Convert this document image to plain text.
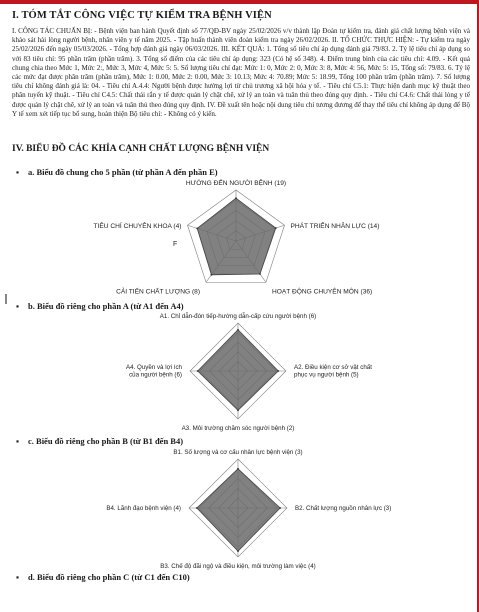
I. TÓM TẮT CÔNG VIỆC TỰ KIỂM TRA BỆNH VIỆN
I. CÔNG TÁC CHUẨN BỊ: - Bệnh viện ban hành Quyết định số 77/QĐ-BV ngày 25/02/2026 v/v thành lập Đoàn tự kiểm tra, đánh giá chất lượng bệnh viện và khảo sát hài lòng người bệnh, nhân viên y tế năm 2025. - Tập huấn thành viên đoàn kiểm tra ngày 26/02/2026. II. TỔ CHỨC THỰC HIỆN: - Tự kiểm tra ngày 25/02/2026 đến ngày 05/03/2026. - Tổng hợp đánh giá ngày 06/03/2026. III. KẾT QUẢ: 1. Tổng số tiêu chí áp dụng đánh giá 79/83. 2. Tỷ lệ tiêu chí áp dụng so với 83 tiêu chí: 95 phần trăm (phần trăm). 3. Tổng số điểm của các tiêu chí áp dụng: 323 (Có hệ số 348). 4. Điểm trung bình của các tiêu chí: 4.09. - Kết quả chung chia theo Mức 1, Mức 2:, Mức 3, Mức 4, Mức 5: 5. Số lượng tiêu chí đạt: Mức 1: 0, Mức 2: 0, Mức 3: 8, Mức 4: 56, Mức 5: 15, Tổng số: 79/83. 6. Tỷ lệ các mức đạt được phân trăm (phần trăm), Mức 1: 0.00, Mức 2: 0.00, Mức 3: 10.13; Mức 4: 70.89; Mức 5: 18.99, Tổng 100 phần trăm (phần trăm). 7. Số lượng tiêu chí không đánh giá là: 04. - Tiêu chí A.4.4: Người bệnh được hưởng lợi từ chủ trương xã hội hóa y tế. - Tiêu chí C5.1: Thực hiện danh mục kỹ thuật theo phân tuyến kỹ thuật. - Tiêu chí C4.5: Chất thải rắn y tế được quản lý chặt chẽ, xử lý an toàn và tuân thủ theo đúng quy định. - Tiêu chí C4.6: Chất thải lỏng y tế được quản lý chặt chẽ, xử lý an toàn và tuân thủ theo đúng quy định. IV. Đề xuất tên hoặc nội dung tiêu chí tương đương để thay thế tiêu chí không áp dụng để Bộ Y tế xem xét tiếp tục bổ sung, hoàn thiện Bộ tiêu chí: - Không có ý kiến.
IV. BIỂU ĐỒ CÁC KHÍA CẠNH CHẤT LƯỢNG BỆNH VIỆN
▪ a. Biểu đồ chung cho 5 phần (từ phần A đến phần E)
▪ b. Biểu đồ riêng cho phần A (từ A1 đến A4)
▪ c. Biểu đồ riêng cho phần B (từ B1 đến B4)
▪ d. Biểu đồ riêng cho phần C (từ C1 đến C10)
HƯỚNG ĐẾN NGƯỜI BỆNH (19)
PHÁT TRIỂN NHÂN LỰC (14)
HOẠT ĐỘNG CHUYÊN MÔN (36)
CẢI TIẾN CHẤT LƯỢNG (8)
TIÊU CHÍ CHUYÊN KHOA (4)
F
A1. Chỉ dẫn-đón tiếp-hướng dẫn-cấp cứu người bệnh (6)
A2. Điều kiện cơ sở vật chất phục vụ người bệnh (5)
A3. Môi trường chăm sóc người bệnh (2)
A4. Quyền và lợi ích của người bệnh (6)
B1. Số lượng và cơ cấu nhân lực bệnh viện (3)
B2. Chất lượng nguồn nhân lực (3)
B3. Chế độ đãi ngộ và điều kiện, môi trường làm việc (4)
B4. Lãnh đạo bệnh viện (4)
